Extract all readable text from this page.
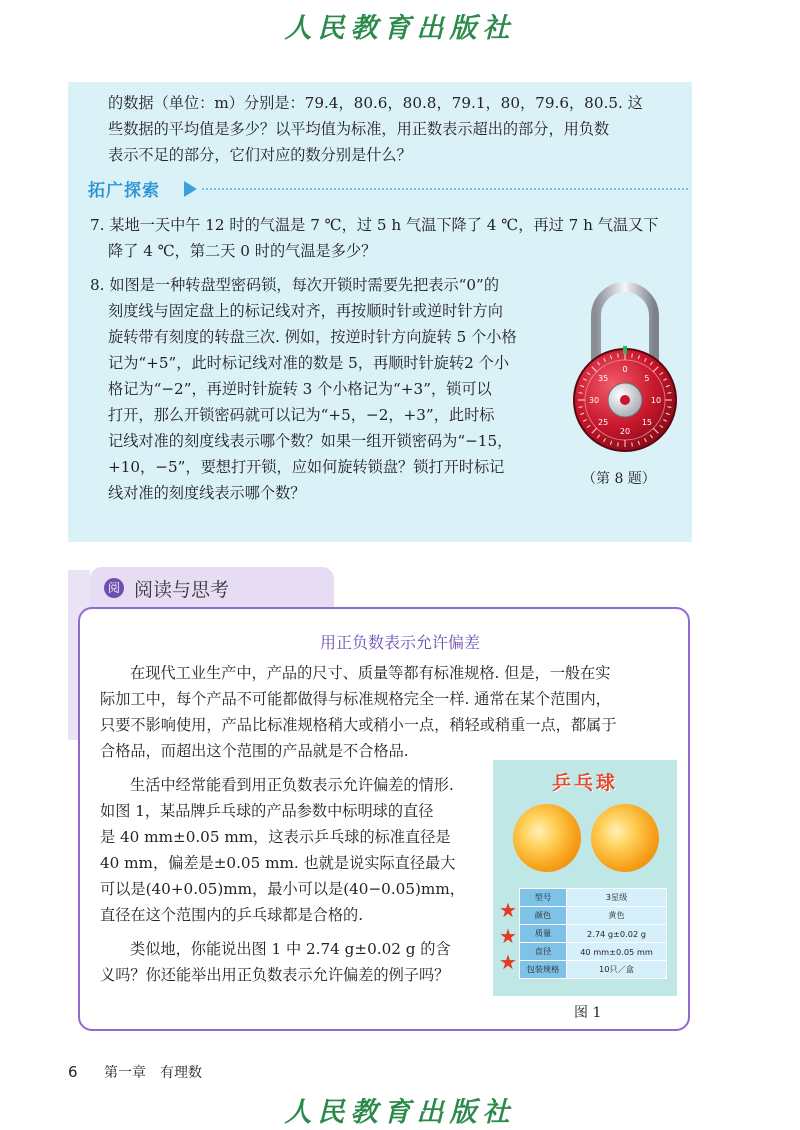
人民教育出版社

的数据（单位：m）分别是：79.4，80.6，80.8，79.1，80，79.6，80.5. 这

些数据的平均值是多少？以平均值为标准，用正数表示超出的部分，用负数

表示不足的部分，它们对应的数分别是什么？

拓广探索

7. 某地一天中午 12 时的气温是 7 ℃，过 5 h 气温下降了 4 ℃，再过 7 h 气温又下

降了 4 ℃，第二天 0 时的气温是多少？

8. 如图是一种转盘型密码锁，每次开锁时需要先把表示“0”的

刻度线与固定盘上的标记线对齐，再按顺时针或逆时针方向

旋转带有刻度的转盘三次. 例如，按逆时针方向旋转 5 个小格

记为“+5”，此时标记线对准的数是 5，再顺时针旋转2 个小

格记为“−2”，再逆时针旋转 3 个小格记为“+3”，锁可以

打开，那么开锁密码就可以记为“+5，−2，+3”，此时标

记线对准的刻度线表示哪个数？如果一组开锁密码为“−15，

+10，−5”，要想打开锁，应如何旋转锁盘？锁打开时标记

线对准的刻度线表示哪个数？

0
5
10
15
20
25
30
35
（第 8 题）
阅 阅读与思考
用正负数表示允许偏差

在现代工业生产中，产品的尺寸、质量等都有标准规格. 但是，一般在实

际加工中，每个产品不可能都做得与标准规格完全一样. 通常在某个范围内，

只要不影响使用，产品比标准规格稍大或稍小一点，稍轻或稍重一点，都属于

合格品，而超出这个范围的产品就是不合格品.

生活中经常能看到用正负数表示允许偏差的情形.

如图 1，某品牌乒乓球的产品参数中标明球的直径

是 40 mm±0.05 mm，这表示乒乓球的标准直径是

40 mm，偏差是±0.05 mm. 也就是说实际直径最大

可以是(40+0.05)mm，最小可以是(40−0.05)mm，

直径在这个范围内的乒乓球都是合格的.

类似地，你能说出图 1 中 2.74 g±0.02 g 的含

义吗？你还能举出用正负数表示允许偏差的例子吗？

乒乓球
★
★
★
型号	3星级
颜色	黄色
质量	2.74 g±0.02 g
直径	40 mm±0.05 mm
包装规格	10只／盒
图 1
6 第一章　有理数
人民教育出版社
